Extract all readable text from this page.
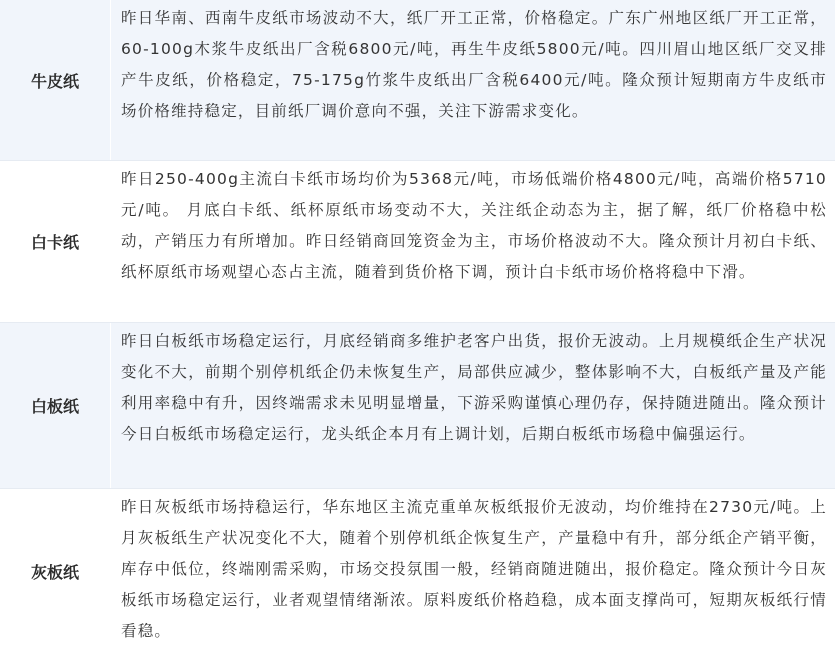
牛皮纸
昨日华南、西南牛皮纸市场波动不大，纸厂开工正常，价格稳定。广东广州地区纸厂开工正常，60-100g木浆牛皮纸出厂含税6800元/吨，再生牛皮纸5800元/吨。四川眉山地区纸厂交叉排产牛皮纸，价格稳定，75-175g竹浆牛皮纸出厂含税6400元/吨。隆众预计短期南方牛皮纸市场价格维持稳定，目前纸厂调价意向不强，关注下游需求变化。
白卡纸
昨日250-400g主流白卡纸市场均价为5368元/吨，市场低端价格4800元/吨，高端价格5710元/吨。 月底白卡纸、纸杯原纸市场变动不大，关注纸企动态为主，据了解，纸厂价格稳中松动，产销压力有所增加。昨日经销商回笼资金为主，市场价格波动不大。隆众预计月初白卡纸、纸杯原纸市场观望心态占主流，随着到货价格下调，预计白卡纸市场价格将稳中下滑。
白板纸
昨日白板纸市场稳定运行，月底经销商多维护老客户出货，报价无波动。上月规模纸企生产状况变化不大，前期个别停机纸企仍未恢复生产，局部供应减少，整体影响不大，白板纸产量及产能利用率稳中有升，因终端需求未见明显增量，下游采购谨慎心理仍存，保持随进随出。隆众预计今日白板纸市场稳定运行，龙头纸企本月有上调计划，后期白板纸市场稳中偏强运行。
灰板纸
昨日灰板纸市场持稳运行，华东地区主流克重单灰板纸报价无波动，均价维持在2730元/吨。上月灰板纸生产状况变化不大，随着个别停机纸企恢复生产，产量稳中有升，部分纸企产销平衡，库存中低位，终端刚需采购，市场交投氛围一般，经销商随进随出，报价稳定。隆众预计今日灰板纸市场稳定运行，业者观望情绪渐浓。原料废纸价格趋稳，成本面支撑尚可，短期灰板纸行情看稳。
